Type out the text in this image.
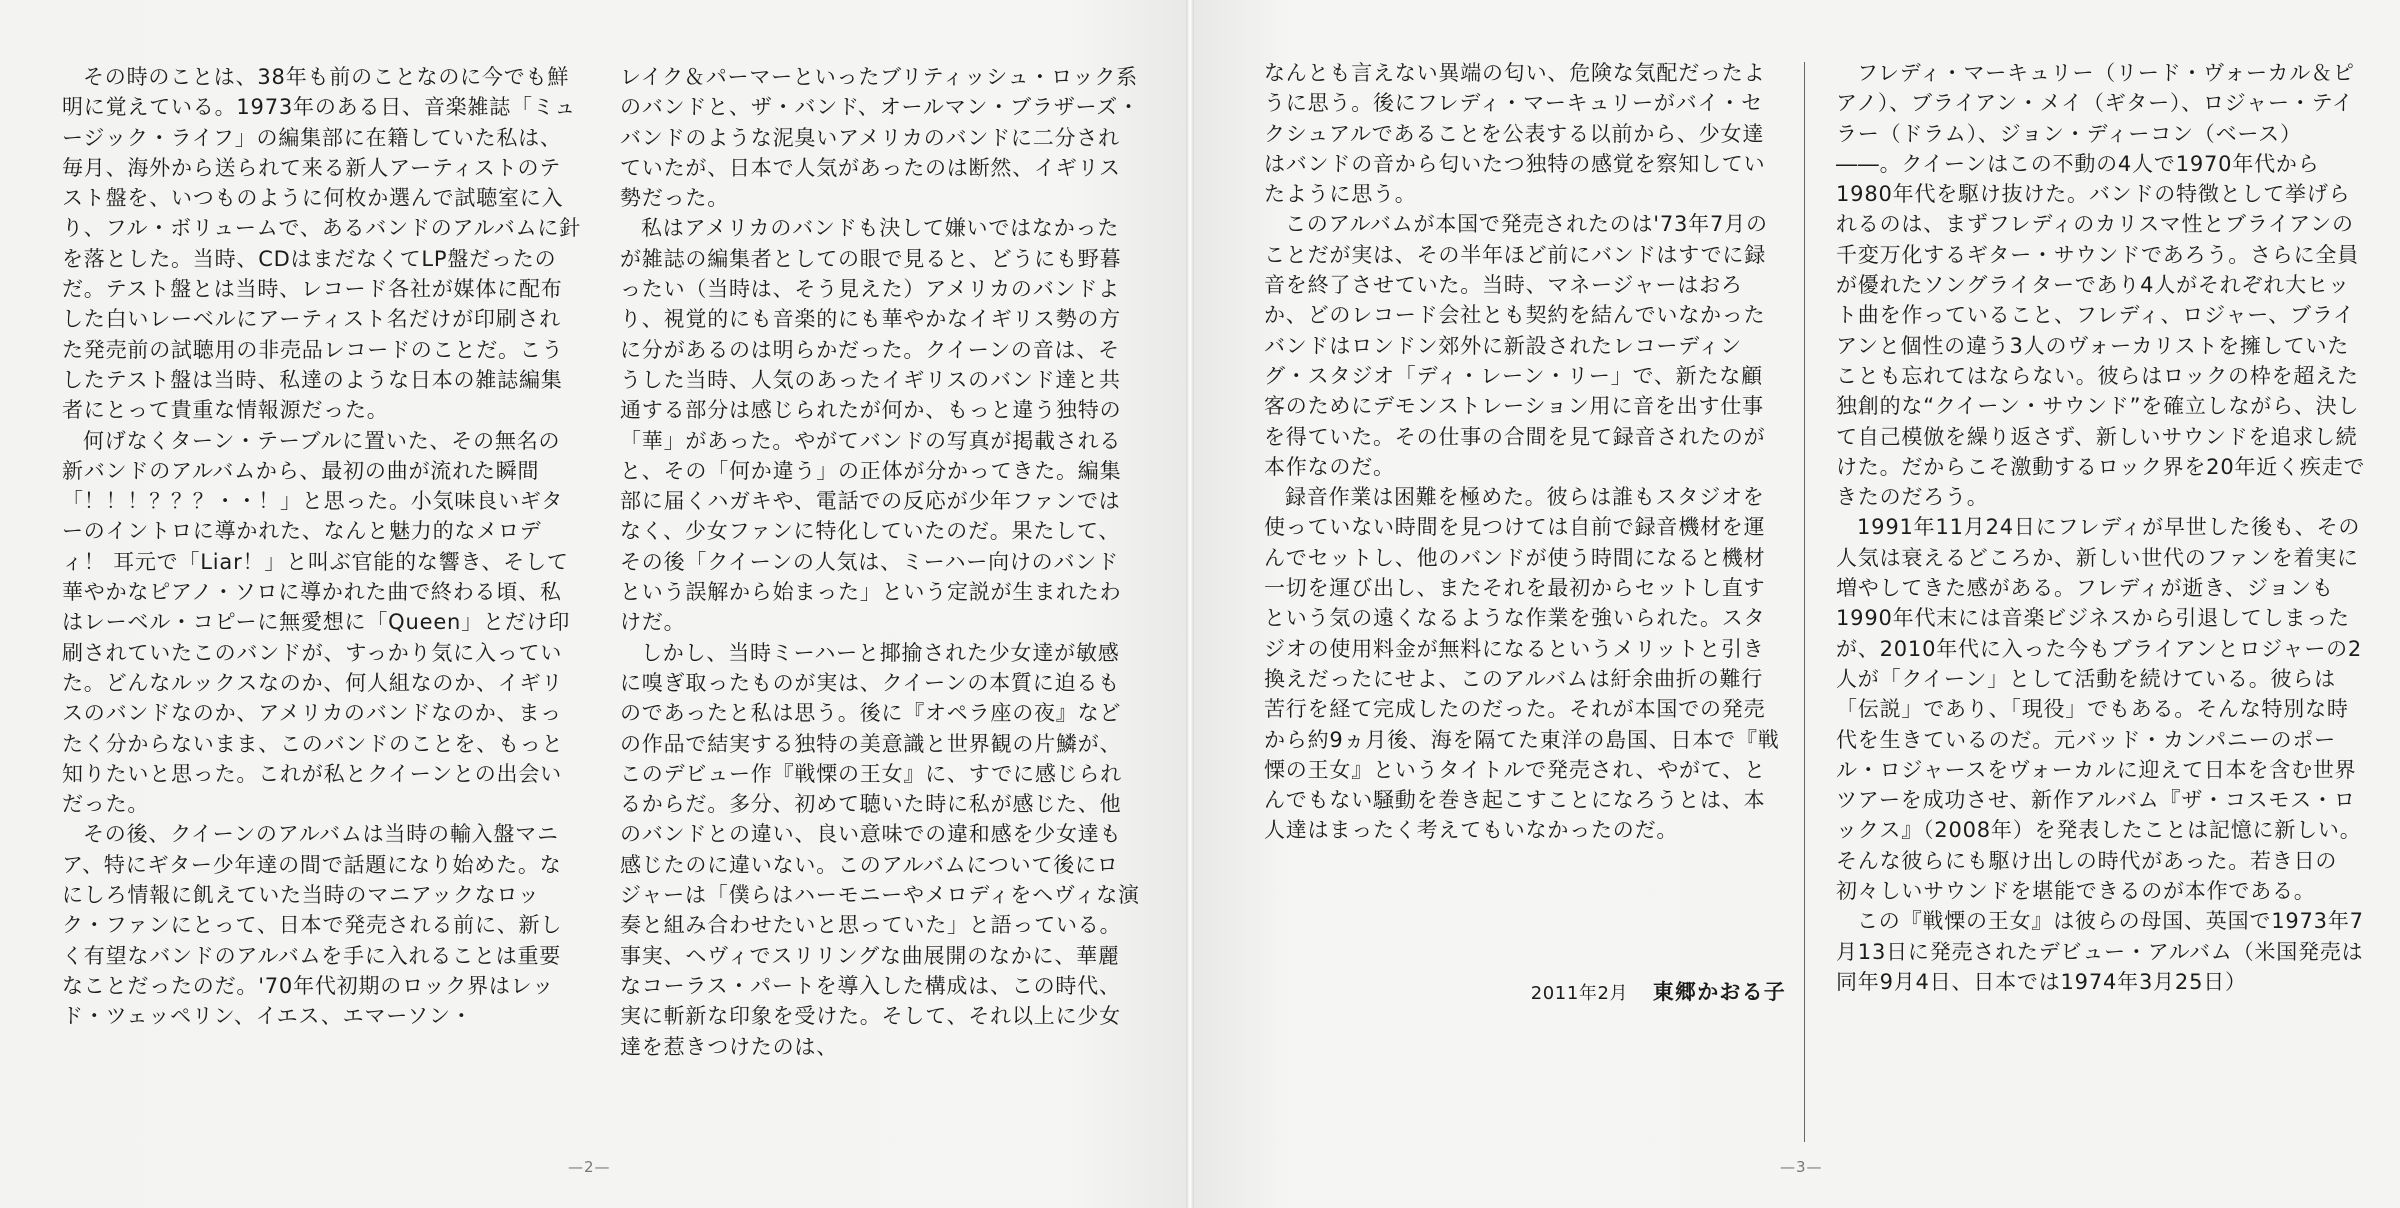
その時のことは、38年も前のことなのに今でも鮮明に覚えている。1973年のある日、音楽雑誌「ミュージック・ライフ」の編集部に在籍していた私は、毎月、海外から送られて来る新人アーティストのテスト盤を、いつものように何枚か選んで試聴室に入り、フル・ボリュームで、あるバンドのアルバムに針を落とした。当時、CDはまだなくてLP盤だったのだ。テスト盤とは当時、レコード各社が媒体に配布した白いレーベルにアーティスト名だけが印刷された発売前の試聴用の非売品レコードのことだ。こうしたテスト盤は当時、私達のような日本の雑誌編集者にとって貴重な情報源だった。

何げなくターン・テーブルに置いた、その無名の新バンドのアルバムから、最初の曲が流れた瞬間「！！！？？？・・！」と思った。小気味良いギターのイントロに導かれた、なんと魅力的なメロディ！ 耳元で「Liar！」と叫ぶ官能的な響き、そして華やかなピアノ・ソロに導かれた曲で終わる頃、私はレーベル・コピーに無愛想に「Queen」とだけ印刷されていたこのバンドが、すっかり気に入っていた。どんなルックスなのか、何人組なのか、イギリスのバンドなのか、アメリカのバンドなのか、まったく分からないまま、このバンドのことを、もっと知りたいと思った。これが私とクイーンとの出会いだった。

その後、クイーンのアルバムは当時の輸入盤マニア、特にギター少年達の間で話題になり始めた。なにしろ情報に飢えていた当時のマニアックなロック・ファンにとって、日本で発売される前に、新しく有望なバンドのアルバムを手に入れることは重要なことだったのだ。'70年代初期のロック界はレッド・ツェッペリン、イエス、エマーソン・

レイク＆パーマーといったブリティッシュ・ロック系のバンドと、ザ・バンド、オールマン・ブラザーズ・バンドのような泥臭いアメリカのバンドに二分されていたが、日本で人気があったのは断然、イギリス勢だった。

私はアメリカのバンドも決して嫌いではなかったが雑誌の編集者としての眼で見ると、どうにも野暮ったい（当時は、そう見えた）アメリカのバンドより、視覚的にも音楽的にも華やかなイギリス勢の方に分があるのは明らかだった。クイーンの音は、そうした当時、人気のあったイギリスのバンド達と共通する部分は感じられたが何か、もっと違う独特の「華」があった。やがてバンドの写真が掲載されると、その「何か違う」の正体が分かってきた。編集部に届くハガキや、電話での反応が少年ファンではなく、少女ファンに特化していたのだ。果たして、その後「クイーンの人気は、ミーハー向けのバンドという誤解から始まった」という定説が生まれたわけだ。

しかし、当時ミーハーと揶揄された少女達が敏感に嗅ぎ取ったものが実は、クイーンの本質に迫るものであったと私は思う。後に『オペラ座の夜』などの作品で結実する独特の美意識と世界観の片鱗が、このデビュー作『戦慄の王女』に、すでに感じられるからだ。多分、初めて聴いた時に私が感じた、他のバンドとの違い、良い意味での違和感を少女達も感じたのに違いない。このアルバムについて後にロジャーは「僕らはハーモニーやメロディをヘヴィな演奏と組み合わせたいと思っていた」と語っている。事実、ヘヴィでスリリングな曲展開のなかに、華麗なコーラス・パートを導入した構成は、この時代、実に斬新な印象を受けた。そして、それ以上に少女達を惹きつけたのは、

—2—

なんとも言えない異端の匂い、危険な気配だったように思う。後にフレディ・マーキュリーがバイ・セクシュアルであることを公表する以前から、少女達はバンドの音から匂いたつ独特の感覚を察知していたように思う。

このアルバムが本国で発売されたのは'73年7月のことだが実は、その半年ほど前にバンドはすでに録音を終了させていた。当時、マネージャーはおろか、どのレコード会社とも契約を結んでいなかったバンドはロンドン郊外に新設されたレコーディング・スタジオ「ディ・レーン・リー」で、新たな顧客のためにデモンストレーション用に音を出す仕事を得ていた。その仕事の合間を見て録音されたのが本作なのだ。

録音作業は困難を極めた。彼らは誰もスタジオを使っていない時間を見つけては自前で録音機材を運んでセットし、他のバンドが使う時間になると機材一切を運び出し、またそれを最初からセットし直すという気の遠くなるような作業を強いられた。スタジオの使用料金が無料になるというメリットと引き換えだったにせよ、このアルバムは紆余曲折の難行苦行を経て完成したのだった。それが本国での発売から約9ヵ月後、海を隔てた東洋の島国、日本で『戦慄の王女』というタイトルで発売され、やがて、とんでもない騒動を巻き起こすことになろうとは、本人達はまったく考えてもいなかったのだ。

2011年2月 東郷かおる子

フレディ・マーキュリー（リード・ヴォーカル＆ピアノ）、ブライアン・メイ（ギター）、ロジャー・テイラー（ドラム）、ジョン・ディーコン（ベース）――。クイーンはこの不動の4人で1970年代から1980年代を駆け抜けた。バンドの特徴として挙げられるのは、まずフレディのカリスマ性とブライアンの千変万化するギター・サウンドであろう。さらに全員が優れたソングライターであり4人がそれぞれ大ヒット曲を作っていること、フレディ、ロジャー、ブライアンと個性の違う3人のヴォーカリストを擁していたことも忘れてはならない。彼らはロックの枠を超えた独創的な“クイーン・サウンド”を確立しながら、決して自己模倣を繰り返さず、新しいサウンドを追求し続けた。だからこそ激動するロック界を20年近く疾走できたのだろう。

1991年11月24日にフレディが早世した後も、その人気は衰えるどころか、新しい世代のファンを着実に増やしてきた感がある。フレディが逝き、ジョンも1990年代末には音楽ビジネスから引退してしまったが、2010年代に入った今もブライアンとロジャーの2人が「クイーン」として活動を続けている。彼らは「伝説」であり、「現役」でもある。そんな特別な時代を生きているのだ。元バッド・カンパニーのポール・ロジャースをヴォーカルに迎えて日本を含む世界ツアーを成功させ、新作アルバム『ザ・コスモス・ロックス』（2008年）を発表したことは記憶に新しい。そんな彼らにも駆け出しの時代があった。若き日の初々しいサウンドを堪能できるのが本作である。

この『戦慄の王女』は彼らの母国、英国で1973年7月13日に発売されたデビュー・アルバム（米国発売は同年9月4日、日本では1974年3月25日）

—3—
